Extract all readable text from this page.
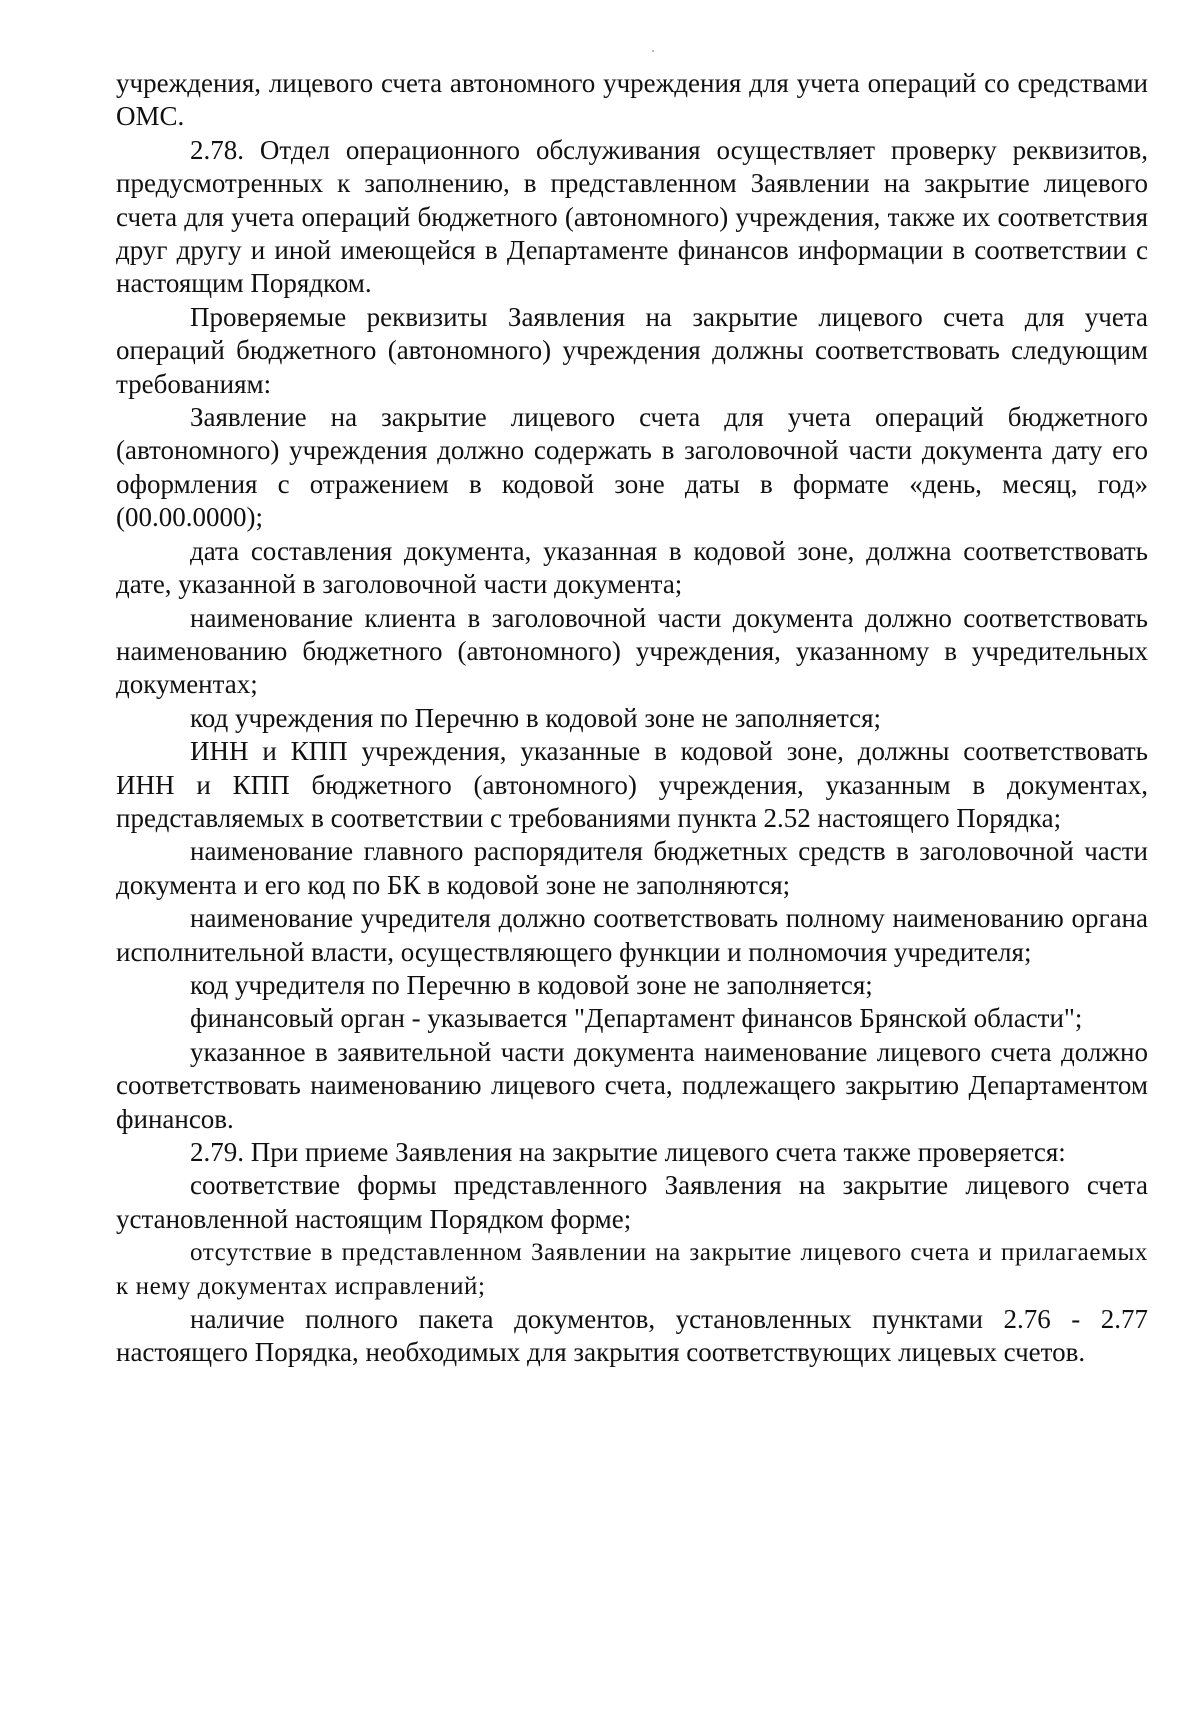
учреждения, лицевого счета автономного учреждения для учета операций со средствами ОМС.

2.78. Отдел операционного обслуживания осуществляет проверку реквизитов, предусмотренных к заполнению, в представленном Заявлении на закрытие лицевого счета для учета операций бюджетного (автономного) учреждения, также их соответствия друг другу и иной имеющейся в Департаменте финансов информации в соответствии с настоящим Порядком.

Проверяемые реквизиты Заявления на закрытие лицевого счета для учета операций бюджетного (автономного) учреждения должны соответствовать следующим требованиям:

Заявление на закрытие лицевого счета для учета операций бюджетного (автономного) учреждения должно содержать в заголовочной части документа дату его оформления с отражением в кодовой зоне даты в формате «день, месяц, год» (00.00.0000);

дата составления документа, указанная в кодовой зоне, должна соответствовать дате, указанной в заголовочной части документа;

наименование клиента в заголовочной части документа должно соответствовать наименованию бюджетного (автономного) учреждения, указанному в учредительных документах;

код учреждения по Перечню в кодовой зоне не заполняется;

ИНН и КПП учреждения, указанные в кодовой зоне, должны соответствовать ИНН и КПП бюджетного (автономного) учреждения, указанным в документах, представляемых в соответствии с требованиями пункта 2.52 настоящего Порядка;

наименование главного распорядителя бюджетных средств в заголовочной части документа и его код по БК в кодовой зоне не заполняются;

наименование учредителя должно соответствовать полному наименованию органа исполнительной власти, осуществляющего функции и полномочия учредителя;

код учредителя по Перечню в кодовой зоне не заполняется;

финансовый орган - указывается "Департамент финансов Брянской области";

указанное в заявительной части документа наименование лицевого счета должно соответствовать наименованию лицевого счета, подлежащего закрытию Департаментом финансов.

2.79. При приеме Заявления на закрытие лицевого счета также проверяется:

соответствие формы представленного Заявления на закрытие лицевого счета установленной настоящим Порядком форме;

отсутствие в представленном Заявлении на закрытие лицевого счета и прилагаемых к нему документах исправлений;

наличие полного пакета документов, установленных пунктами 2.76 - 2.77 настоящего Порядка, необходимых для закрытия соответствующих лицевых счетов.
